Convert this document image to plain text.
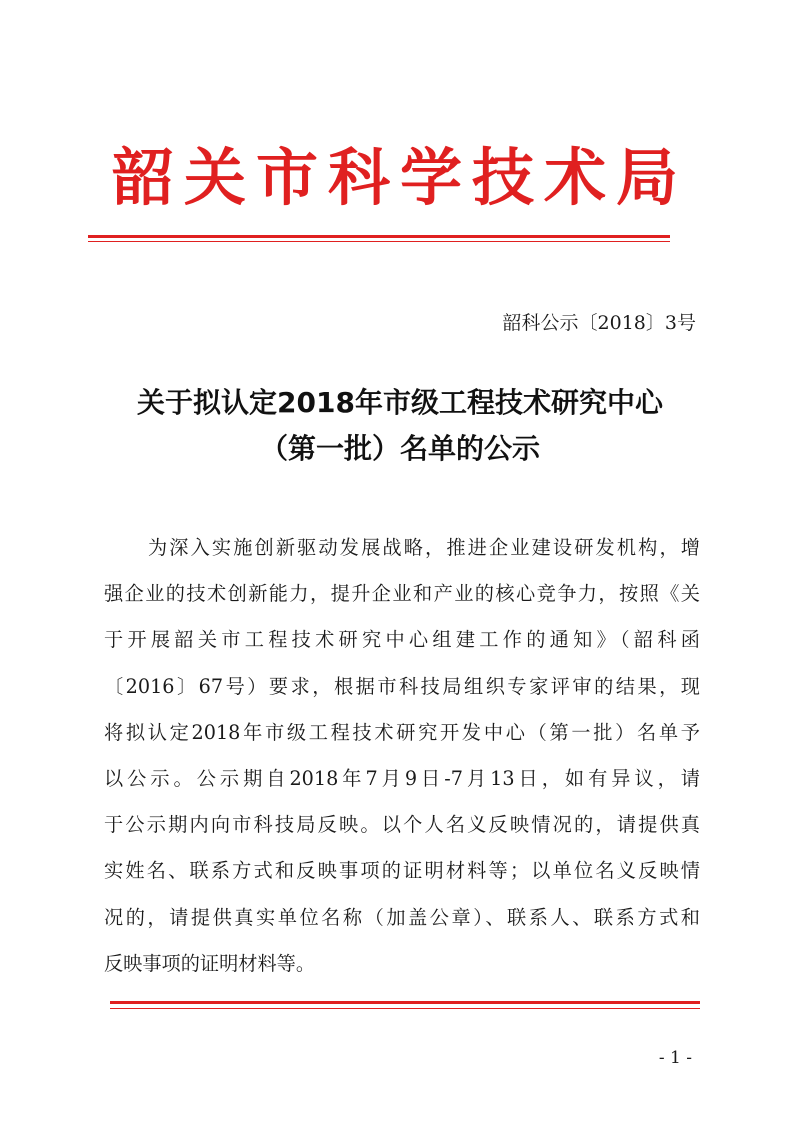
韶关市科学技术局
韶科公示〔2018〕3号
关于拟认定2018年市级工程技术研究中心
（第一批）名单的公示
为深入实施创新驱动发展战略，推进企业建设研发机构，增
强企业的技术创新能力，提升企业和产业的核心竞争力，按照《关
于开展韶关市工程技术研究中心组建工作的通知》（韶科函
〔2016〕67号）要求，根据市科技局组织专家评审的结果，现
将拟认定2018年市级工程技术研究开发中心（第一批）名单予
以公示。公示期自2018年7月9日-7月13日，如有异议，请
于公示期内向市科技局反映。以个人名义反映情况的，请提供真
实姓名、联系方式和反映事项的证明材料等；以单位名义反映情
况的，请提供真实单位名称（加盖公章）、联系人、联系方式和
反映事项的证明材料等。
- 1 -
